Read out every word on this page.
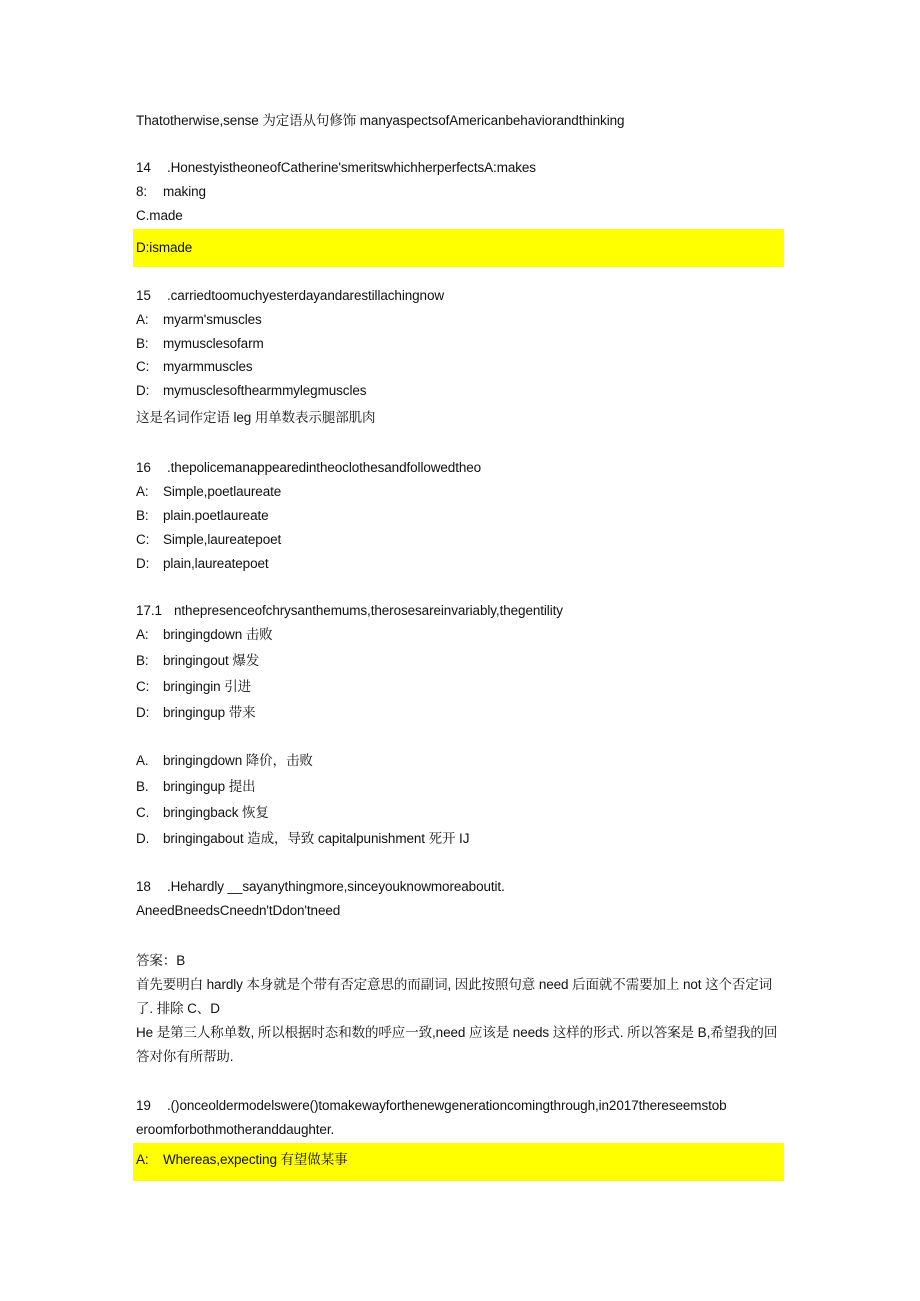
Thatotherwise,sense 为定语从句修饰 manyaspectsofAmericanbehaviorandthinking
14 .HonestyistheoneofCatherine'smeritswhichherperfectsA:makes
8: making
C.made
D:ismade
15 .carriedtoomuchyesterdayandarestillachingnow
A: myarm'smuscles
B: mymusclesofarm
C: myarmmuscles
D: mymusclesofthearmmylegmuscles
这是名词作定语 leg 用单数表示腿部肌肉
16 .thepolicemanappearedintheoclothesandfollowedtheo
A: Simple,poetlaureate
B: plain.poetlaureate
C: Simple,laureatepoet
D: plain,laureatepoet
17.1 nthepresenceofchrysanthemums,therosesareinvariably,thegentility
A: bringingdown 击败
B: bringingout 爆发
C: bringingin 引进
D: bringingup 带来
A. bringingdown 降价，击败
B. bringingup 提出
C. bringingback 恢复
D. bringingabout 造成，导致 capitalpunishment 死开 IJ
18 .Hehardly __sayanythingmore,sinceyouknowmoreaboutit.
AneedBneedsCneedn'tDdon'tneed
答案：B
首先要明白 hardly 本身就是个带有否定意思的而副词, 因此按照句意 need 后面就不需要加上 not 这个否定词了. 排除 C、D
He 是第三人称单数, 所以根据时态和数的呼应一致,need 应该是 needs 这样的形式. 所以答案是 B,希望我的回答对你有所帮助.
19 .()onceoldermodelswere()tomakewayforthenewgenerationcomingthrough,in2017thereseemstob
eroomforbothmotheranddaughter.
A: Whereas,expecting 有望做某事
